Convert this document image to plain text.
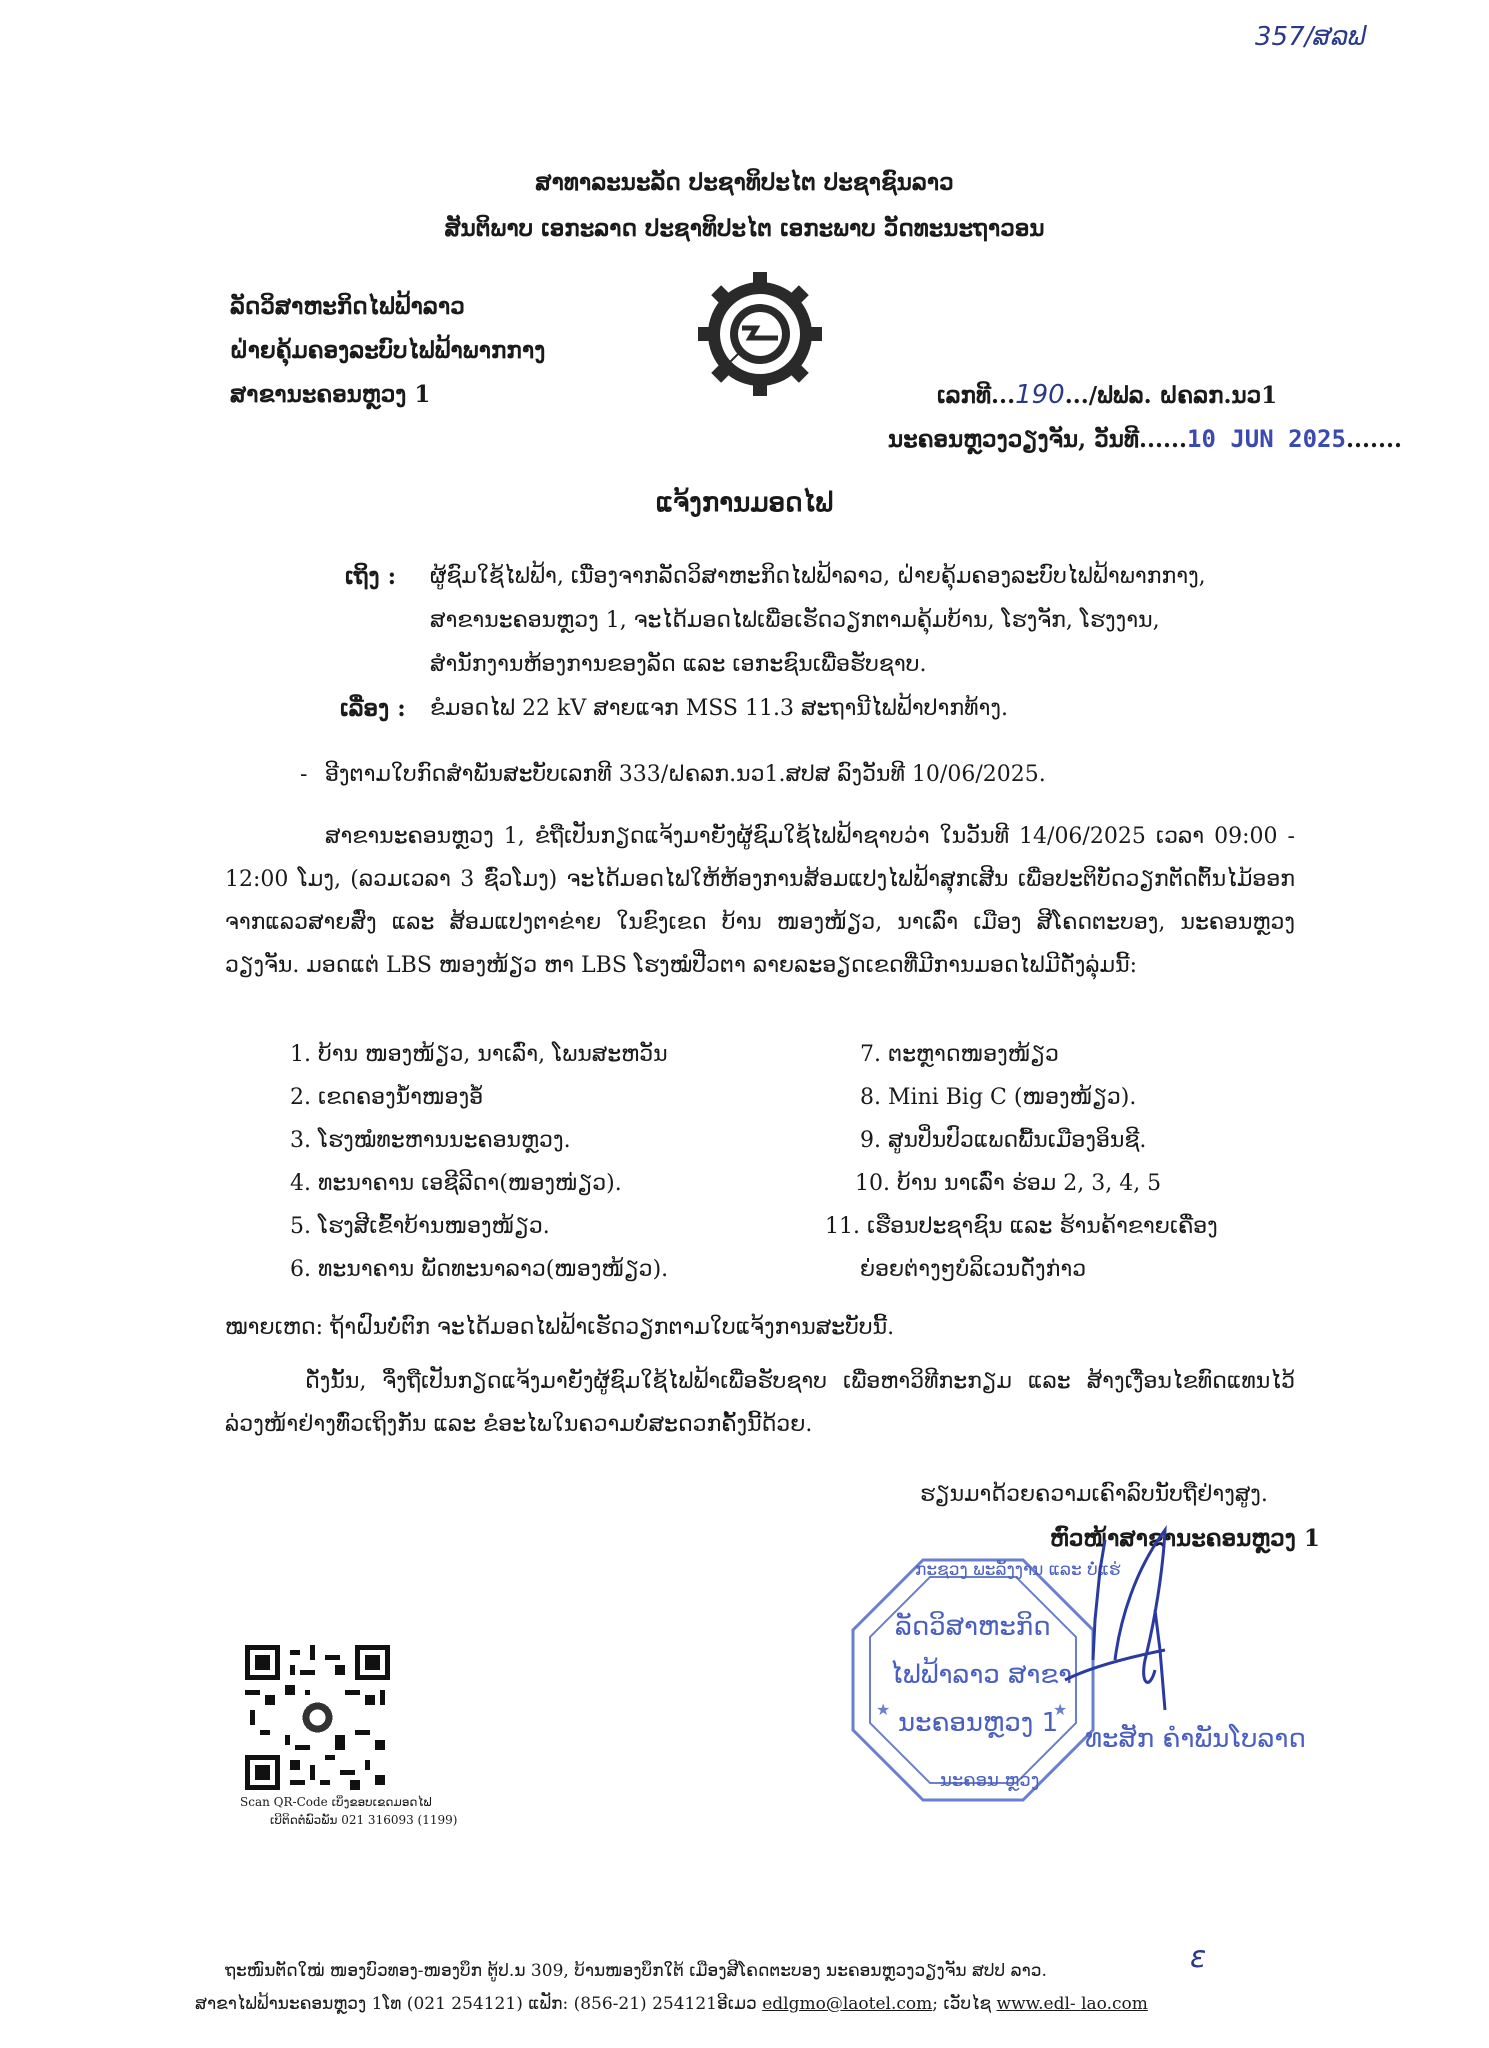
357/ສລຟ
ສາທາລະນະລັດ ປະຊາທິປະໄຕ ປະຊາຊົນລາວ
ສັນຕິພາບ ເອກະລາດ ປະຊາທິປະໄຕ ເອກະພາບ ວັດທະນະຖາວອນ
ລັດວິສາຫະກິດໄຟຟ້າລາວ
ຝ່າຍຄຸ້ມຄອງລະບົບໄຟຟ້າພາກກາງ
ສາຂານະຄອນຫຼວງ 1	ເລກທີ...190.../ຟຟລ. ຝຄລກ.ນວ1
ນະຄອນຫຼວງວຽງຈັນ, ວັນທີ......10 JUN 2025.......
ແຈ້ງການມອດໄຟ
ເຖິງ : ຜູ້ຊົມໃຊ້ໄຟຟ້າ, ເນື່ອງຈາກລັດວິສາຫະກິດໄຟຟ້າລາວ, ຝ່າຍຄຸ້ມຄອງລະບົບໄຟຟ້າພາກກາງ,
ສາຂານະຄອນຫຼວງ 1, ຈະໄດ້ມອດໄຟເພື່ອເຮັດວຽກຕາມຄຸ້ມບ້ານ, ໂຮງຈັກ, ໂຮງງານ,
ສຳນັກງານຫ້ອງການຂອງລັດ ແລະ ເອກະຊົນເພື່ອຮັບຊາບ.
ເລື່ອງ : ຂໍມອດໄຟ 22 kV ສາຍແຈກ MSS 11.3 ສະຖານີໄຟຟ້າປາກທ້າງ.
- ອີງຕາມໃບກົດສຳພັນສະບັບເລກທີ 333/ຝຄລກ.ນວ1.ສປສ ລົງວັນທີ 10/06/2025.
ສາຂານະຄອນຫຼວງ 1, ຂໍຖືເປັນກຽດແຈ້ງມາຍັງຜູ້ຊົມໃຊ້ໄຟຟ້າຊາບວ່າ ໃນວັນທີ 14/06/2025 ເວລາ 09:00 - 12:00 ໂມງ, (ລວມເວລາ 3 ຊົ່ວໂມງ) ຈະໄດ້ມອດໄຟໃຫ້ຫ້ອງການສ້ອມແປງໄຟຟ້າສຸກເສີນ ເພື່ອປະຕິບັດວຽກຕັດຕົ້ນໄມ້ອອກຈາກແລວສາຍສົ່ງ ແລະ ສ້ອມແປງຕາຂ່າຍ ໃນຂົງເຂດ ບ້ານ ໜອງໜ້ຽວ, ນາເລົ່າ ເມືອງ ສີໂຄດຕະບອງ, ນະຄອນຫຼວງວຽງຈັນ. ມອດແຕ່ LBS ໜອງໜ້ຽວ ຫາ LBS ໂຮງໝໍປີ່ວຕາ ລາຍລະອຽດເຂດທີ່ມີການມອດໄຟມີດັ່ງລຸ່ມນີ້:
1. ບ້ານ ໜອງໜ້ຽວ, ນາເລົ່າ, ໂພນສະຫວັນ
2. ເຂດຄອງນ້ຳໜອງອໍ້
3. ໂຮງໝໍທະຫານນະຄອນຫຼວງ.
4. ທະນາຄານ ເອຊີລີດາ(ໜອງໜ່ຽວ).
5. ໂຮງສີເຂົ້າບ້ານໜອງໜ້ຽວ.
6. ທະນາຄານ ພັດທະນາລາວ(ໜອງໜ້ຽວ).
7. ຕະຫຼາດໜອງໜ້ຽວ
8. Mini Big C (ໜອງໜ້ຽວ).
9. ສູນປິ່ນປົວແພດພື້ນເມືອງອິນຊີ.
10. ບ້ານ ນາເລົ່າ ຮ່ອມ 2, 3, 4, 5
11. ເຮືອນປະຊາຊົນ ແລະ ຮ້ານຄ້າຂາຍເຄື່ອງ
ຍ່ອຍຕ່າງໆບໍລິເວນດັ່ງກ່າວ
ໝາຍເຫດ: ຖ້າຝົນບໍ່ຕົກ ຈະໄດ້ມອດໄຟຟ້າເຮັດວຽກຕາມໃບແຈ້ງການສະບັບນີ້.
ດັ່ງນັ້ນ, ຈຶ່ງຖືເປັນກຽດແຈ້ງມາຍັງຜູ້ຊົມໃຊ້ໄຟຟ້າເພື່ອຮັບຊາບ ເພື່ອຫາວິທີກະກຽມ ແລະ ສ້າງເງື່ອນໄຂທົດແທນໄວ້ລ່ວງໜ້າຢ່າງທົ່ວເຖິງກັນ ແລະ ຂໍອະໄພໃນຄວາມບໍ່ສະດວກຄັ້ງນີ້ດ້ວຍ.
ຮຽນມາດ້ວຍຄວາມເຄົາລົບນັບຖືຢ່າງສູງ.
ຫົວໜ້າສາຂານະຄອນຫຼວງ 1
★	★
ກະຊວງ ພະລັງງານ ແລະ ບໍ່ແຮ່
ລັດວິສາຫະກິດ
ໄຟຟ້າລາວ ສາຂາ
ນະຄອນຫຼວງ 1
ນະຄອນ ຫຼວງ
ທະສັກ ຄຳພັນໂບລາດ
Scan QR-Code ເບິ່ງຂອບເຂດມອດໄຟ
ເບີຕິດຕໍ່ພົວພັນ 021 316093 (1199)
ຖະໜົນຕັດໃໝ່ ໜອງບົວທອງ-ໜອງບຶກ ຕູ້ປ.ນ 309, ບ້ານໜອງບຶກໃຕ້ ເມືອງສີໂຄດຕະບອງ ນະຄອນຫຼວງວຽງຈັນ ສປປ ລາວ.
ສາຂາໄຟຟ້ານະຄອນຫຼວງ 1ໂທ (021 254121) ແຟັກ: (856-21) 254121ອີເມວ edlgmo@laotel.com; ເວັບໄຊ www.edl- lao.com
ɛ
